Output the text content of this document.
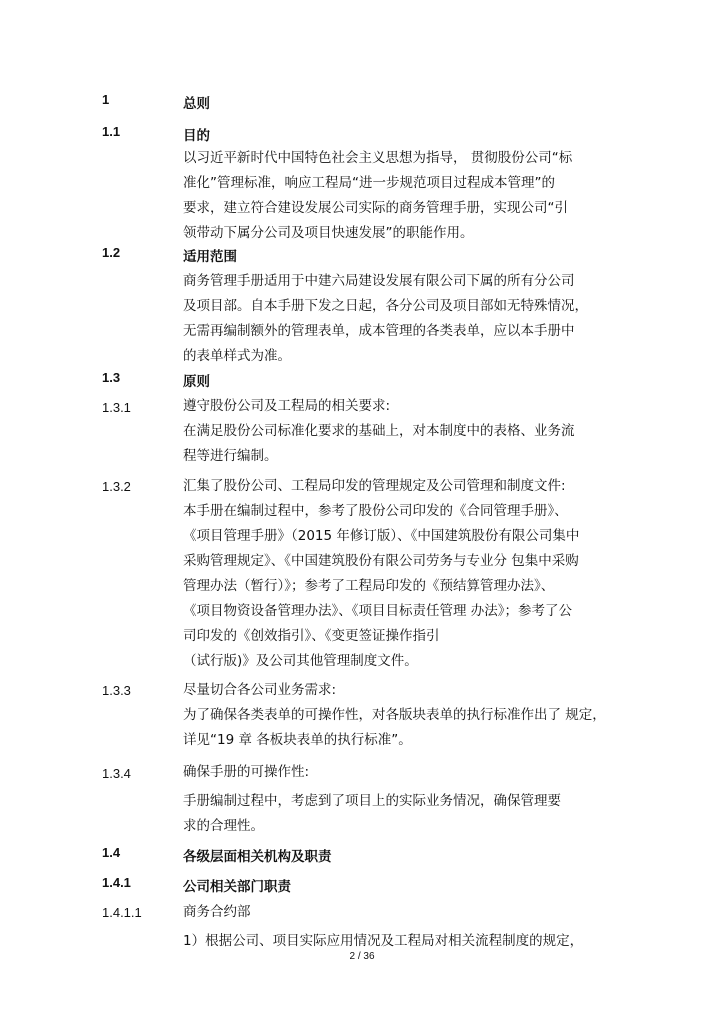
1	总则
1.1	目的
以习近平新时代中国特色社会主义思想为指导， 贯彻股份公司“标
准化”管理标准，响应工程局“进一步规范项目过程成本管理”的
要求，建立符合建设发展公司实际的商务管理手册，实现公司“引
领带动下属分公司及项目快速发展”的职能作用。
1.2	适用范围
商务管理手册适用于中建六局建设发展有限公司下属的所有分公司
及项目部。自本手册下发之日起，各分公司及项目部如无特殊情况，
无需再编制额外的管理表单，成本管理的各类表单，应以本手册中
的表单样式为准。
1.3	原则
1.3.1	遵守股份公司及工程局的相关要求:
在满足股份公司标准化要求的基础上，对本制度中的表格、业务流
程等进行编制。
1.3.2	汇集了股份公司、工程局印发的管理规定及公司管理和制度文件:
本手册在编制过程中，参考了股份公司印发的《合同管理手册》、
《项目管理手册》（2015 年修订版）、《中国建筑股份有限公司集中
采购管理规定》、《中国建筑股份有限公司劳务与专业分 包集中采购
管理办法（暂行）》；参考了工程局印发的《预结算管理办法》、
《项目物资设备管理办法》、《项目目标责任管理 办法》；参考了公
司印发的《创效指引》、《变更签证操作指引
（试行版)》及公司其他管理制度文件。
1.3.3	尽量切合各公司业务需求:
为了确保各类表单的可操作性，对各版块表单的执行标准作出了 规定，
详见“19 章 各板块表单的执行标准”。
1.3.4	确保手册的可操作性:
手册编制过程中，考虑到了项目上的实际业务情况，确保管理要
求的合理性。
1.4	各级层面相关机构及职责
1.4.1	公司相关部门职责
1.4.1.1	商务合约部
1）根据公司、项目实际应用情况及工程局对相关流程制度的规定，
2 / 36
